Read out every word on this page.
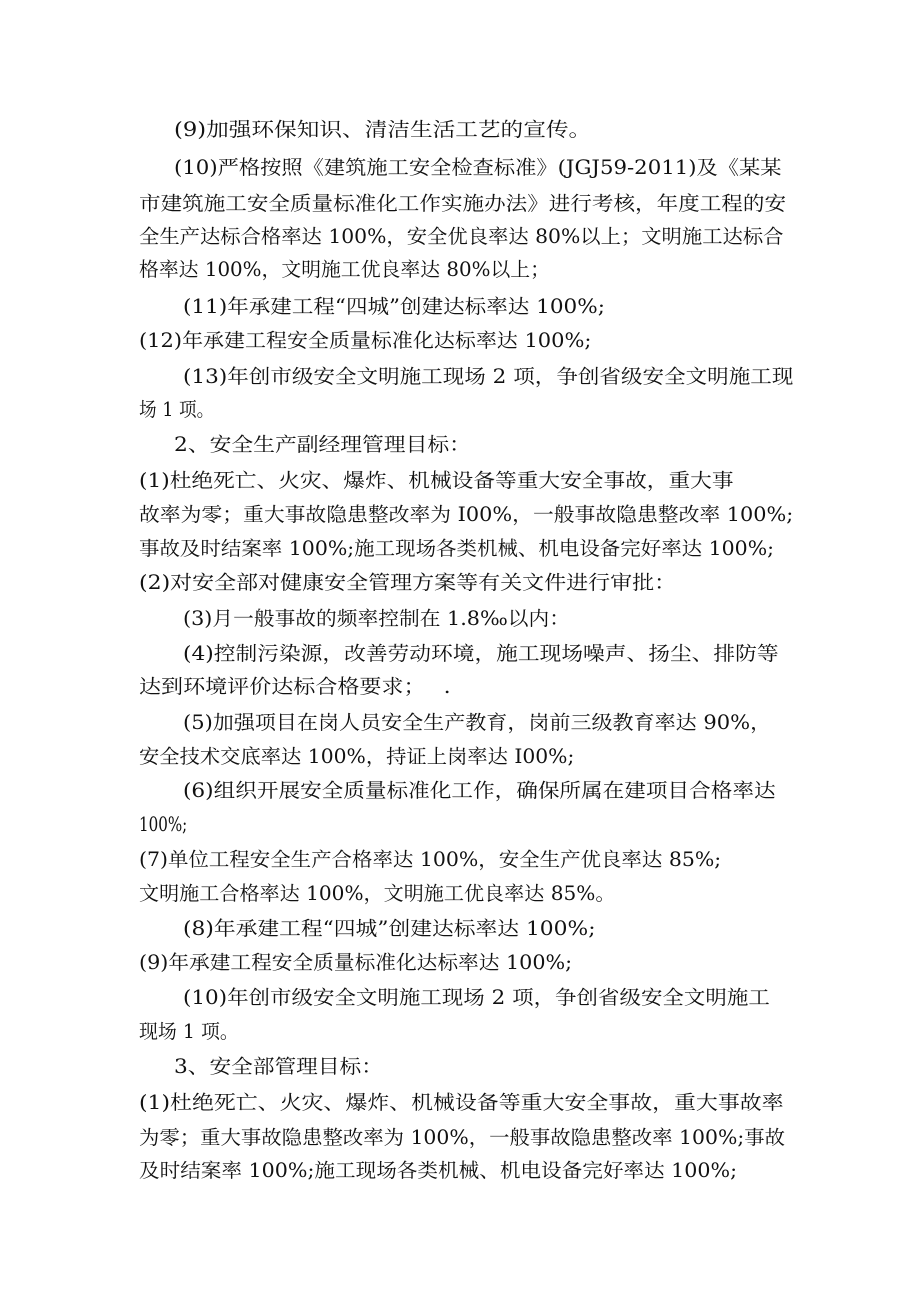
(9)加强环保知识、清洁生活工艺的宣传。
(10)严格按照《建筑施工安全检查标准》(JGJ59-2011)及《某某
市建筑施工安全质量标准化工作实施办法》进行考核，年度工程的安
全生产达标合格率达 100%，安全优良率达 80%以上；文明施工达标合
格率达 100%，文明施工优良率达 80%以上；
(11)年承建工程“四城”创建达标率达 100%;
(12)年承建工程安全质量标准化达标率达 100%;
(13)年创市级安全文明施工现场 2 项，争创省级安全文明施工现
场 1 项。
2、安全生产副经理管理目标：
(1)杜绝死亡、火灾、爆炸、机械设备等重大安全事故，重大事
故率为零；重大事故隐患整改率为 I00%，一般事故隐患整改率 100%;
事故及时结案率 100%;施工现场各类机械、机电设备完好率达 100%;
(2)对安全部对健康安全管理方案等有关文件进行审批：
(3)月一般事故的频率控制在 1.8‰以内：
(4)控制污染源，改善劳动环境，施工现场噪声、扬尘、排防等
达到环境评价达标合格要求；　 .
(5)加强项目在岗人员安全生产教育，岗前三级教育率达 90%，
安全技术交底率达 100%，持证上岗率达 I00%;
(6)组织开展安全质量标准化工作，确保所属在建项目合格率达
100%;
(7)单位工程安全生产合格率达 100%，安全生产优良率达 85%;
文明施工合格率达 100%，文明施工优良率达 85%。
(8)年承建工程“四城”创建达标率达 100%;
(9)年承建工程安全质量标准化达标率达 100%;
(10)年创市级安全文明施工现场 2 项，争创省级安全文明施工
现场 1 项。
3、安全部管理目标：
(1)杜绝死亡、火灾、爆炸、机械设备等重大安全事故，重大事故率
为零；重大事故隐患整改率为 100%，一般事故隐患整改率 100%;事故
及时结案率 100%;施工现场各类机械、机电设备完好率达 100%;
